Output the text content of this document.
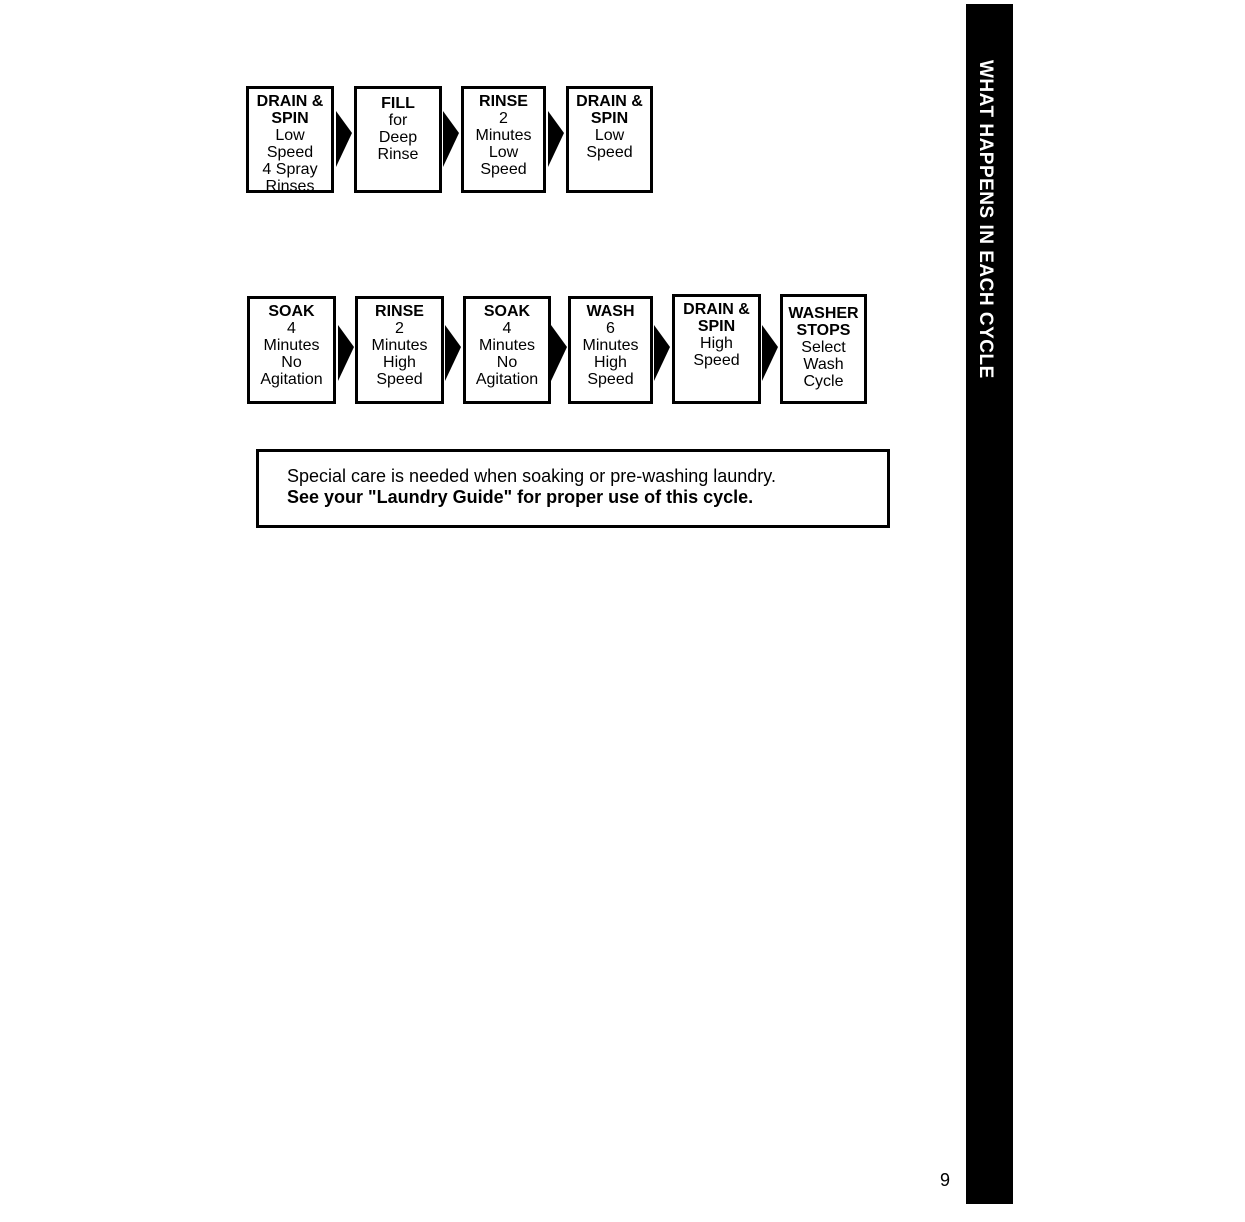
DRAIN &
SPIN
Low
Speed
4 Spray
Rinses
FILL
for
Deep
Rinse
RINSE
2
Minutes
Low
Speed
DRAIN &
SPIN
Low
Speed
SOAK
4
Minutes
No
Agitation
RINSE
2
Minutes
High
Speed
SOAK
4
Minutes
No
Agitation
WASH
6
Minutes
High
Speed
DRAIN &
SPIN
High
Speed
WASHER
STOPS
Select
Wash
Cycle
Special care is needed when soaking or pre-washing laundry.
See your "Laundry Guide" for proper use of this cycle.
WHAT HAPPENS IN EACH CYCLE
9
